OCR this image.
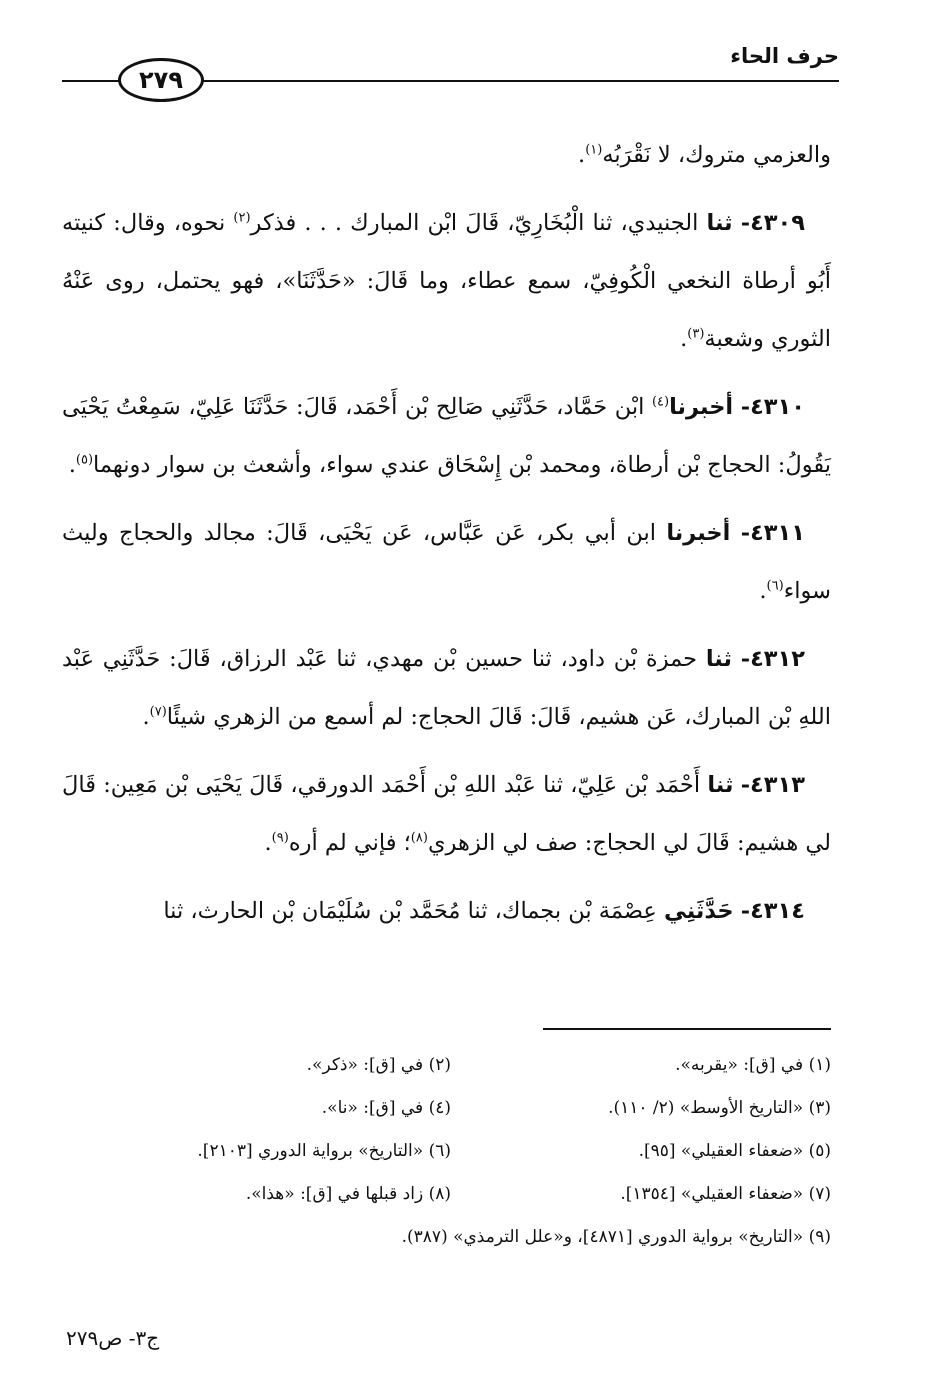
حرف الحاء
٢٧٩

والعزمي متروك، لا نَقْرَبُه$^{(١)}$.

٤٣٠٩- ثنا الجنيدي، ثنا الْبُخَارِيّ، قَالَ ابْن المبارك . . . فذكر$^{(٢)}$ نحوه، وقال: كنيته أَبُو أرطاة النخعي الْكُوفِيّ، سمع عطاء، وما قَالَ: «حَدَّثَنَا»، فهو يحتمل، روى عَنْهُ الثوري وشعبة$^{(٣)}$.

٤٣١٠- أخبرنا$^{(٤)}$ ابْن حَمَّاد، حَدَّثَنِي صَالِح بْن أَحْمَد، قَالَ: حَدَّثَنَا عَلِيّ، سَمِعْتُ يَحْيَى يَقُولُ: الحجاج بْن أرطاة، ومحمد بْن إِسْحَاق عندي سواء، وأشعث بن سوار دونهما$^{(٥)}$.

٤٣١١- أخبرنا ابن أبي بكر، عَن عَبَّاس، عَن يَحْيَى، قَالَ: مجالد والحجاج وليث سواء$^{(٦)}$.

٤٣١٢- ثنا حمزة بْن داود، ثنا حسين بْن مهدي، ثنا عَبْد الرزاق، قَالَ: حَدَّثَنِي عَبْد اللهِ بْن المبارك، عَن هشيم، قَالَ: قَالَ الحجاج: لم أسمع من الزهري شيئًا$^{(٧)}$.

٤٣١٣- ثنا أَحْمَد بْن عَلِيّ، ثنا عَبْد اللهِ بْن أَحْمَد الدورقي، قَالَ يَحْيَى بْن مَعِين: قَالَ لي هشيم: قَالَ لي الحجاج: صف لي الزهري$^{(٨)}$؛ فإني لم أره$^{(٩)}$.

٤٣١٤- حَدَّثَنِي عِصْمَة بْن بجماك، ثنا مُحَمَّد بْن سُلَيْمَان بْن الحارث، ثنا

(١) في [ق]: «يقربه».
(٢) في [ق]: «ذكر».
(٣) «التاريخ الأوسط» (٢/ ١١٠).
(٤) في [ق]: «نا».
(٥) «ضعفاء العقيلي» [٩٥].
(٦) «التاريخ» برواية الدوري [٢١٠٣].
(٧) «ضعفاء العقيلي» [١٣٥٤].
(٨) زاد قبلها في [ق]: «هذا».
(٩) «التاريخ» برواية الدوري [٤٨٧١]، و«علل الترمذي» (٣٨٧).
ج٣- ص٢٧٩
